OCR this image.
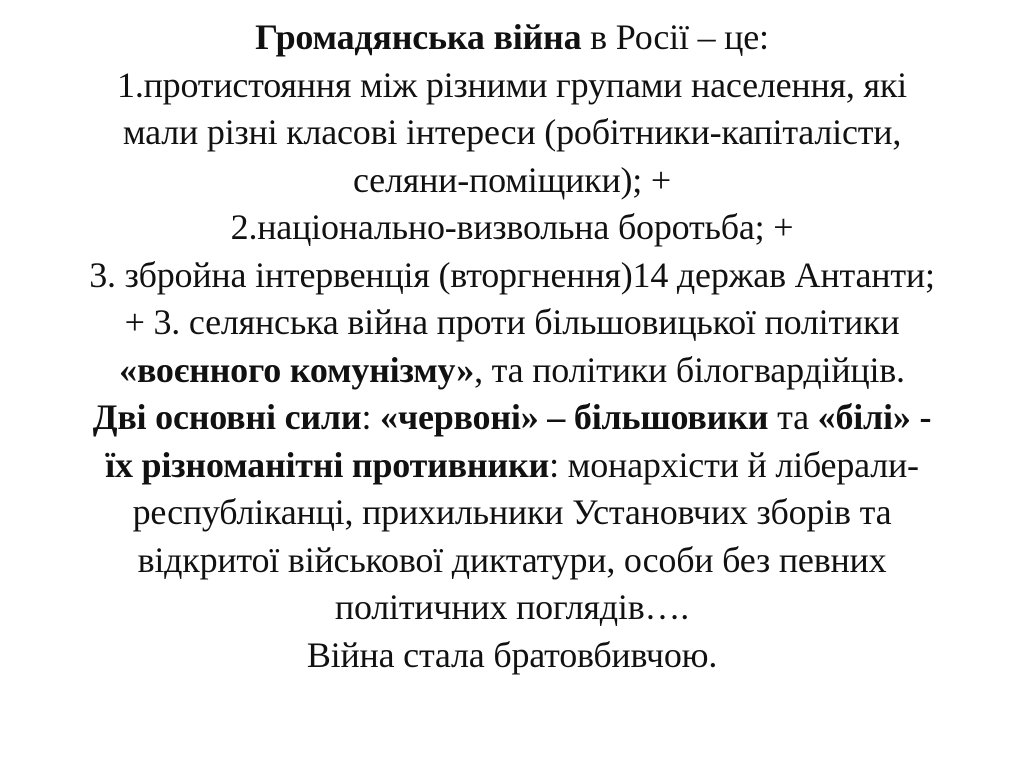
Громадянська війна в Росії – це:
1.протистояння між різними групами населення, які
мали різні класові інтереси (робітники-капіталісти,
селяни-поміщики); +
2.національно-визвольна боротьба; +
3. збройна інтервенція (вторгнення)14 держав Антанти;
+ 3. селянська війна проти більшовицької політики
«воєнного комунізму», та політики білогвардійців.
Дві основні сили: «червоні» – більшовики та «білі» -
їх різноманітні противники: монархісти й ліберали-
республіканці, прихильники Установчих зборів та
відкритої військової диктатури, особи без певних
політичних поглядів….
Війна стала братовбивчою.
